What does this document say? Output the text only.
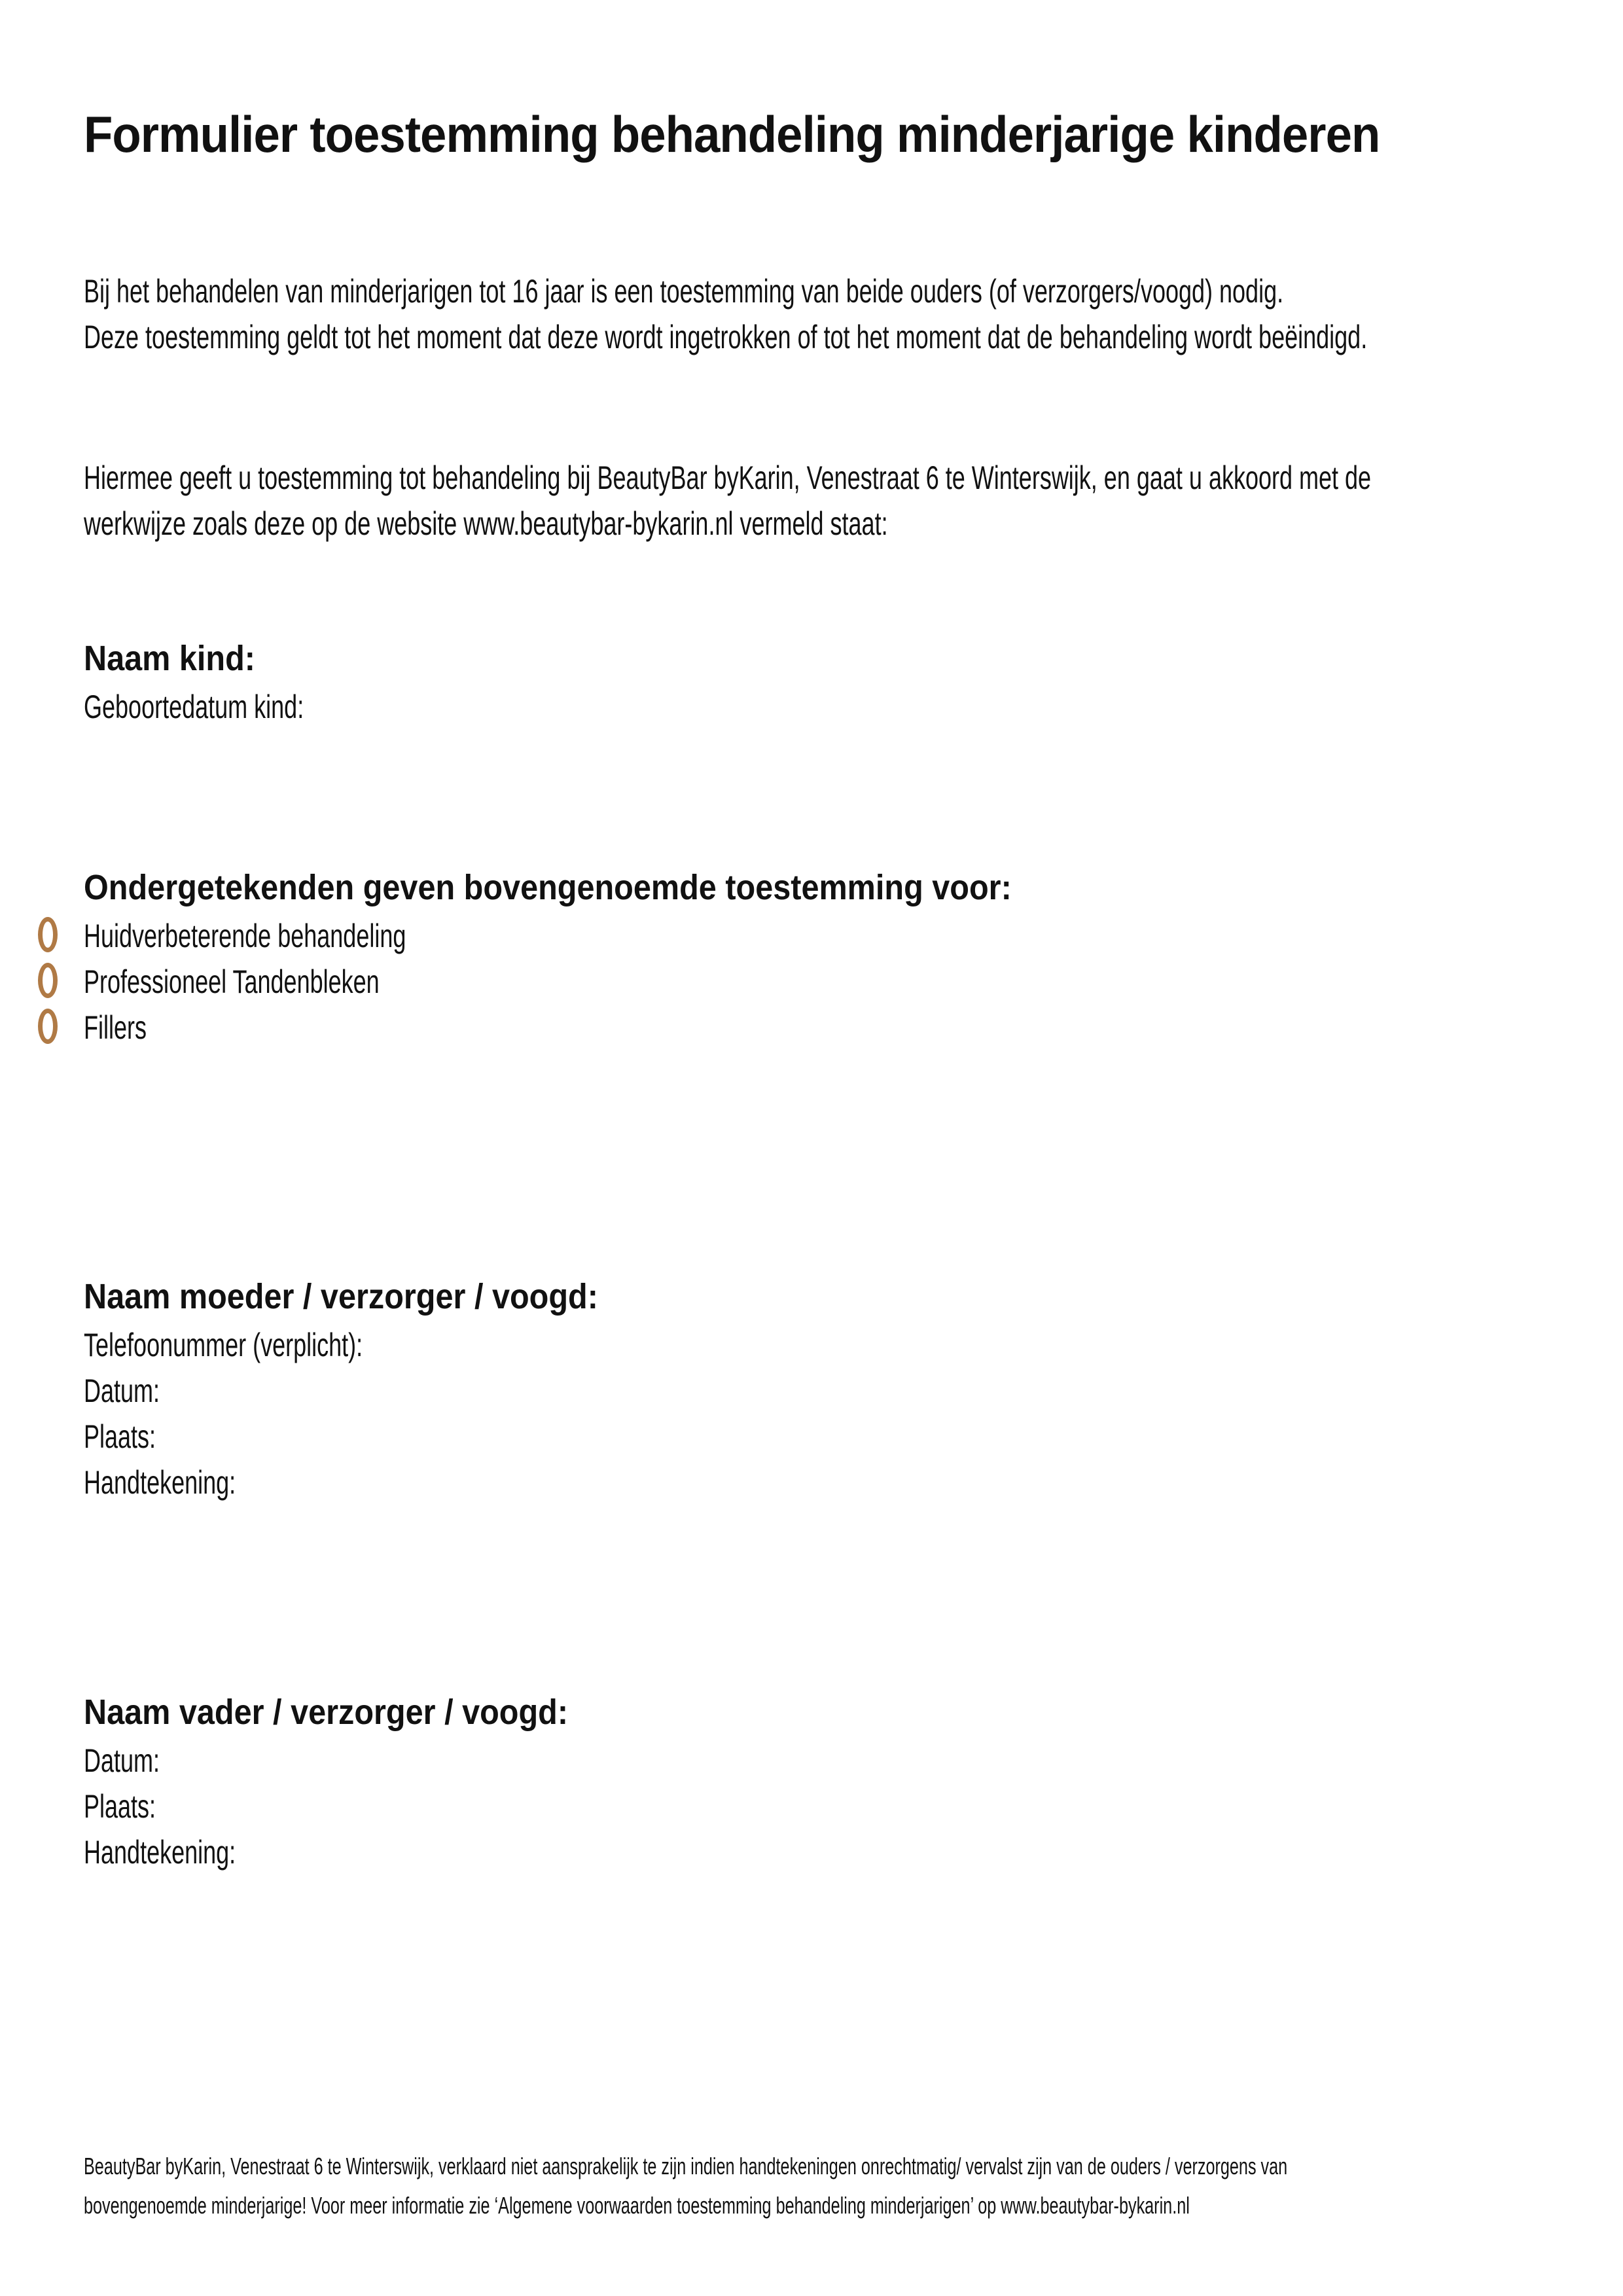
Formulier toestemming behandeling minderjarige kinderen
Bij het behandelen van minderjarigen tot 16 jaar is een toestemming van beide ouders (of verzorgers/voogd) nodig.
Deze toestemming geldt tot het moment dat deze wordt ingetrokken of tot het moment dat de behandeling wordt beëindigd.
Hiermee geeft u toestemming tot behandeling bij BeautyBar byKarin, Venestraat 6 te Winterswijk, en gaat u akkoord met de
werkwijze zoals deze op de website www.beautybar-bykarin.nl vermeld staat:
Naam kind:
Geboortedatum kind:
Ondergetekenden geven bovengenoemde toestemming voor:
Huidverbeterende behandeling
Professioneel Tandenbleken
Fillers
Naam moeder / verzorger / voogd:
Telefoonummer (verplicht):
Datum:
Plaats:
Handtekening:
Naam vader / verzorger / voogd:
Datum:
Plaats:
Handtekening:
BeautyBar byKarin, Venestraat 6 te Winterswijk, verklaard niet aansprakelijk te zijn indien handtekeningen onrechtmatig/ vervalst zijn van de ouders / verzorgens van
bovengenoemde minderjarige! Voor meer informatie zie ‘Algemene voorwaarden toestemming behandeling minderjarigen’ op www.beautybar-bykarin.nl
